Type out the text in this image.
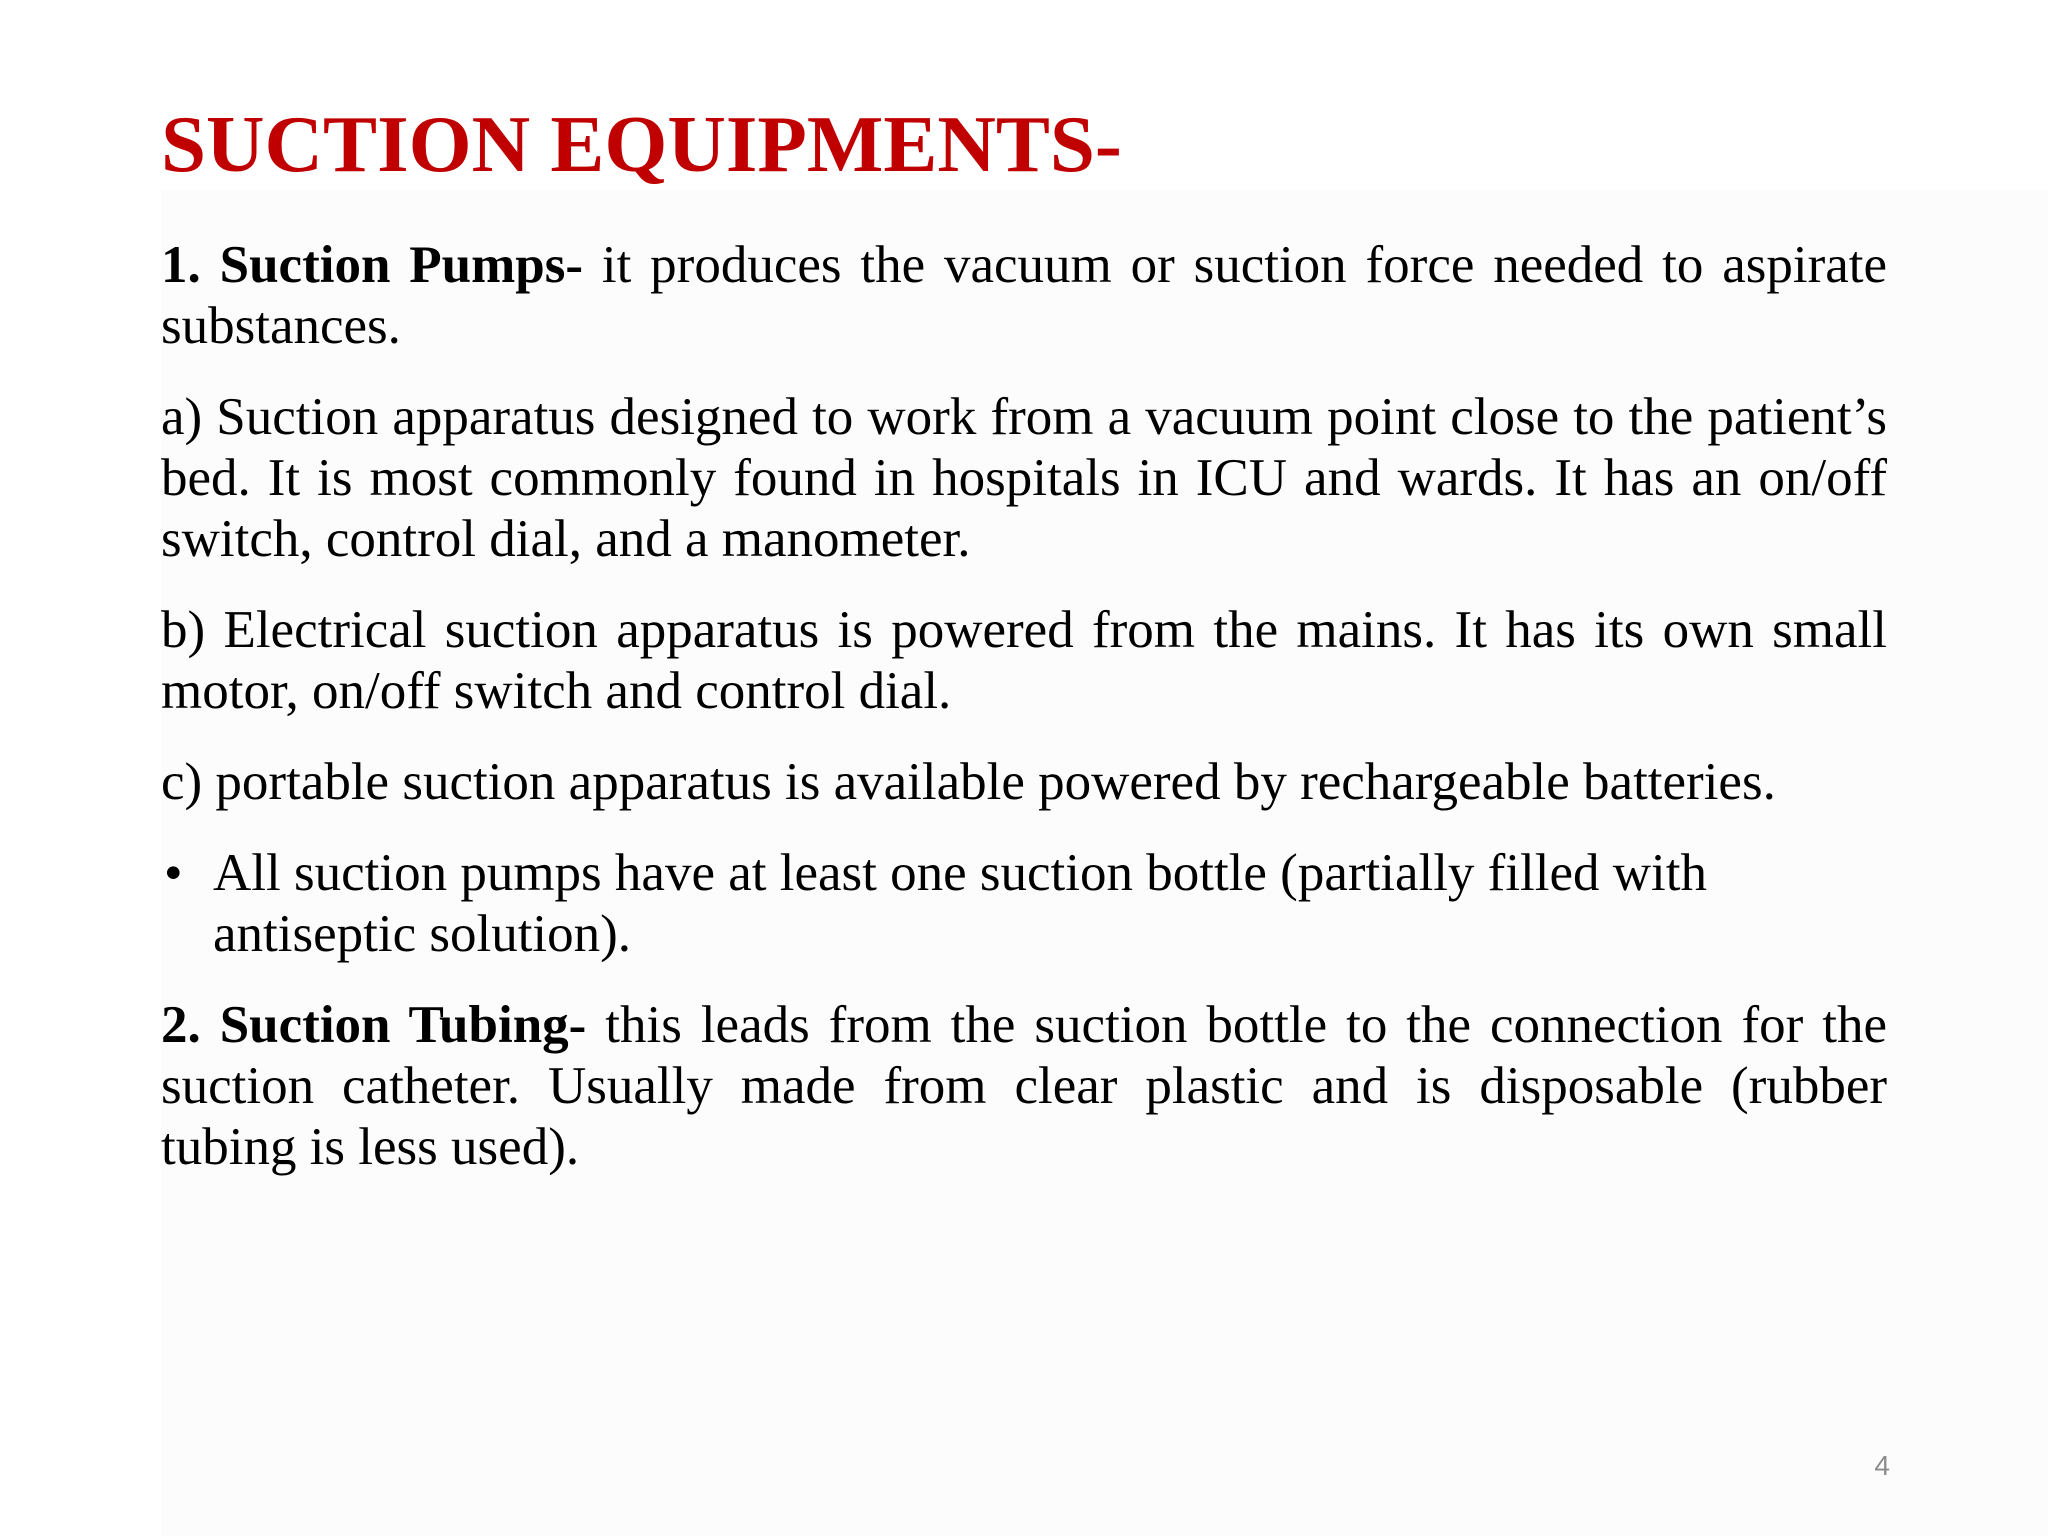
SUCTION EQUIPMENTS-

1. Suction Pumps- it produces the vacuum or suction force needed to aspirate substances.

a) Suction apparatus designed to work from a vacuum point close to the patient’s bed. It is most commonly found in hospitals in ICU and wards. It has an on/off switch, control dial, and a manometer.

b) Electrical suction apparatus is powered from the mains. It has its own small motor, on/off switch and control dial.

c) portable suction apparatus is available powered by rechargeable batteries.

• All suction pumps have at least one suction bottle (partially filled with antiseptic solution).

2. Suction Tubing- this leads from the suction bottle to the connection for the suction catheter. Usually made from clear plastic and is disposable (rubber tubing is less used).

4
